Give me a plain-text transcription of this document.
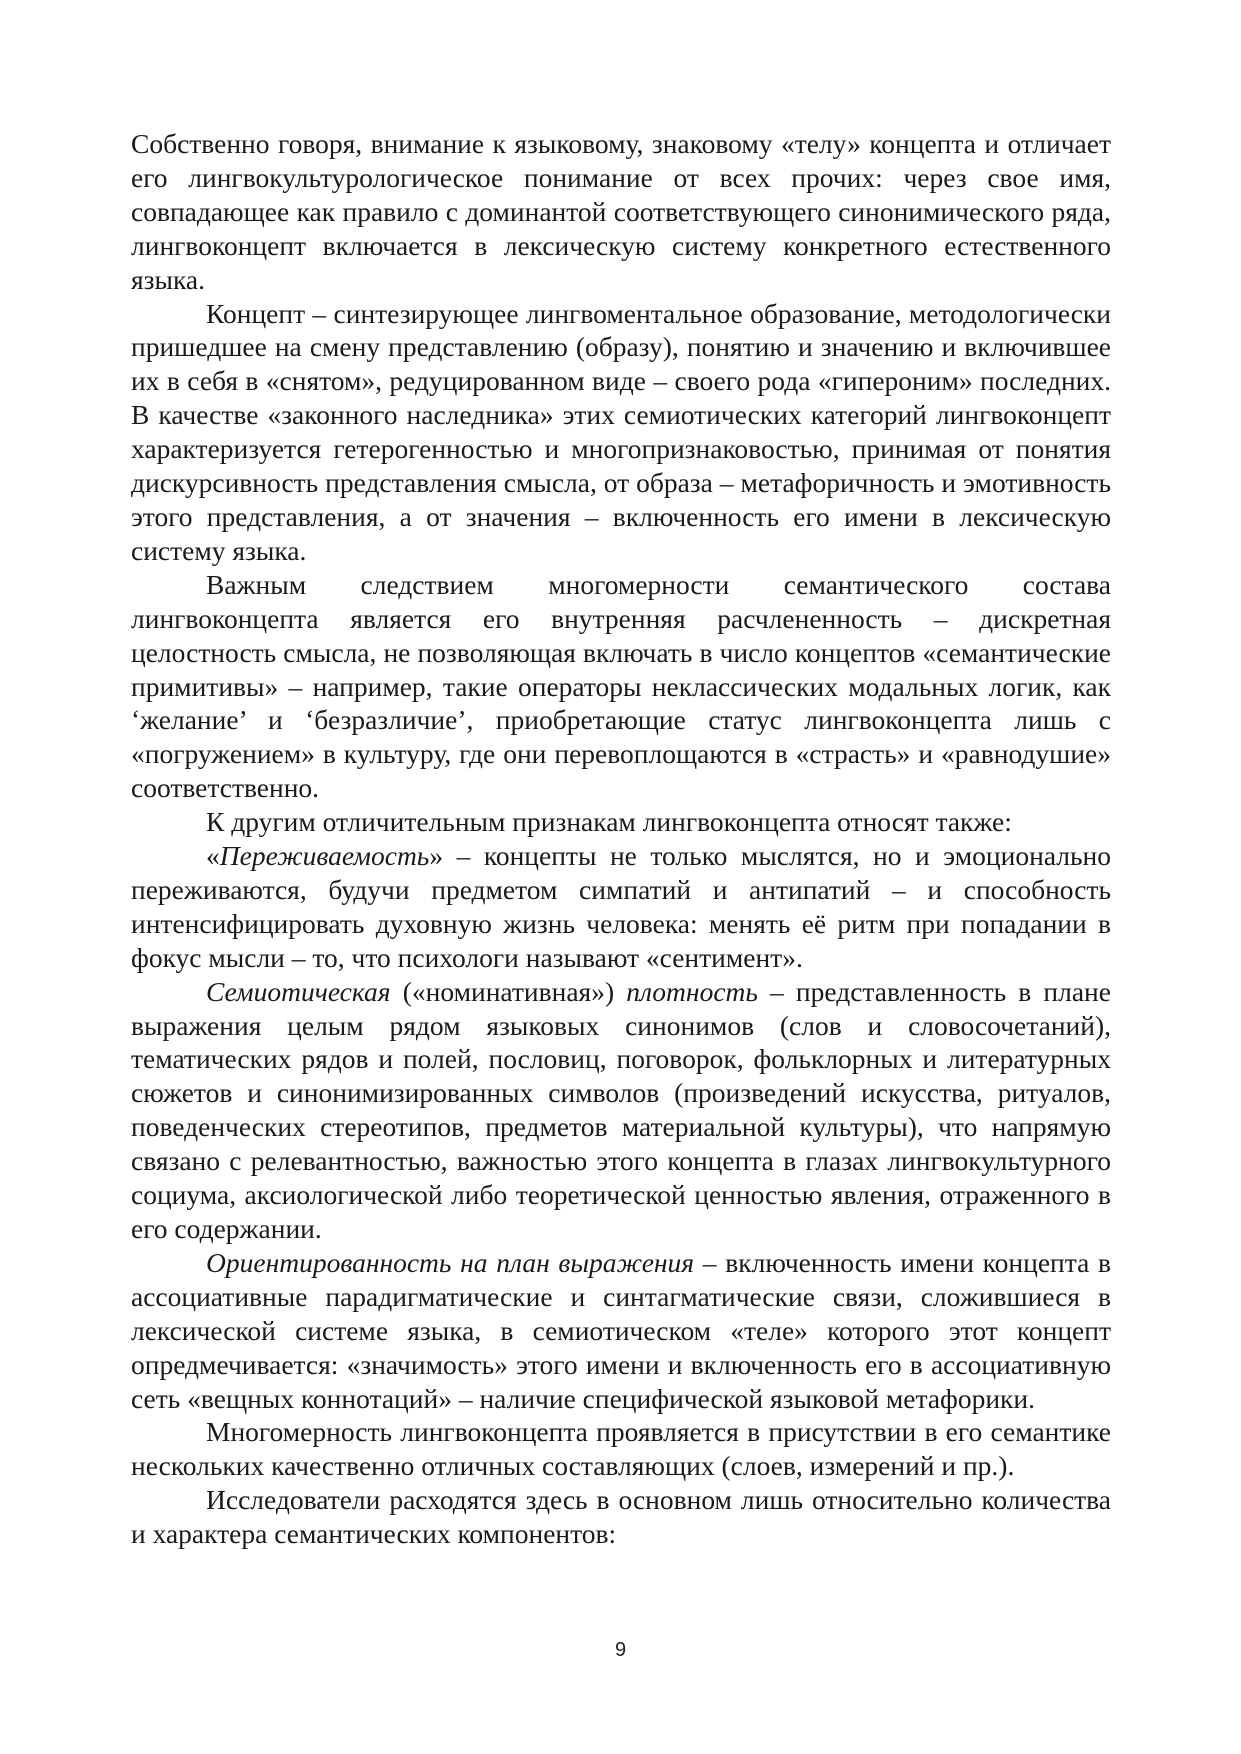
Собственно говоря, внимание к языковому, знаковому «телу» концепта и отличает его лингвокультурологическое понимание от всех прочих: через свое имя, совпадающее как правило с доминантой соответствующего синонимического ряда, лингвоконцепт включается в лексическую систему конкретного естественного языка.

Концепт – синтезирующее лингвоментальное образование, методологически пришедшее на смену представлению (образу), понятию и значению и включившее их в себя в «снятом», редуцированном виде – своего рода «гипероним» последних. В качестве «законного наследника» этих семиотических категорий лингвоконцепт характеризуется гетерогенностью и многопризнаковостью, принимая от понятия дискурсивность представления смысла, от образа – метафоричность и эмотивность этого представления, а от значения – включенность его имени в лексическую систему языка.

Важным следствием многомерности семантического состава лингвоконцепта является его внутренняя расчлененность – дискретная целостность смысла, не позволяющая включать в число концептов «семантические примитивы» – например, такие операторы неклассических модальных логик, как ‘желание’ и ‘безразличие’, приобретающие статус лингвоконцепта лишь с «погружением» в культуру, где они перевоплощаются в «страсть» и «равнодушие» соответственно.

К другим отличительным признакам лингвоконцепта относят также:

«Переживаемость» – концепты не только мыслятся, но и эмоционально переживаются, будучи предметом симпатий и антипатий – и способность интенсифицировать духовную жизнь человека: менять её ритм при попадании в фокус мысли – то, что психологи называют «сентимент».

Семиотическая («номинативная») плотность – представленность в плане выражения целым рядом языковых синонимов (слов и словосочетаний), тематических рядов и полей, пословиц, поговорок, фольклорных и литературных сюжетов и синонимизированных символов (произведений искусства, ритуалов, поведенческих стереотипов, предметов материальной культуры), что напрямую связано с релевантностью, важностью этого концепта в глазах лингвокультурного социума, аксиологической либо теоретической ценностью явления, отраженного в его содержании.

Ориентированность на план выражения – включенность имени концепта в ассоциативные парадигматические и синтагматические связи, сложившиеся в лексической системе языка, в семиотическом «теле» которого этот концепт опредмечивается: «значимость» этого имени и включенность его в ассоциативную сеть «вещных коннотаций» – наличие специфической языковой метафорики.

Многомерность лингвоконцепта проявляется в присутствии в его семантике нескольких качественно отличных составляющих (слоев, измерений и пр.).

Исследователи расходятся здесь в основном лишь относительно количества и характера семантических компонентов:

9
